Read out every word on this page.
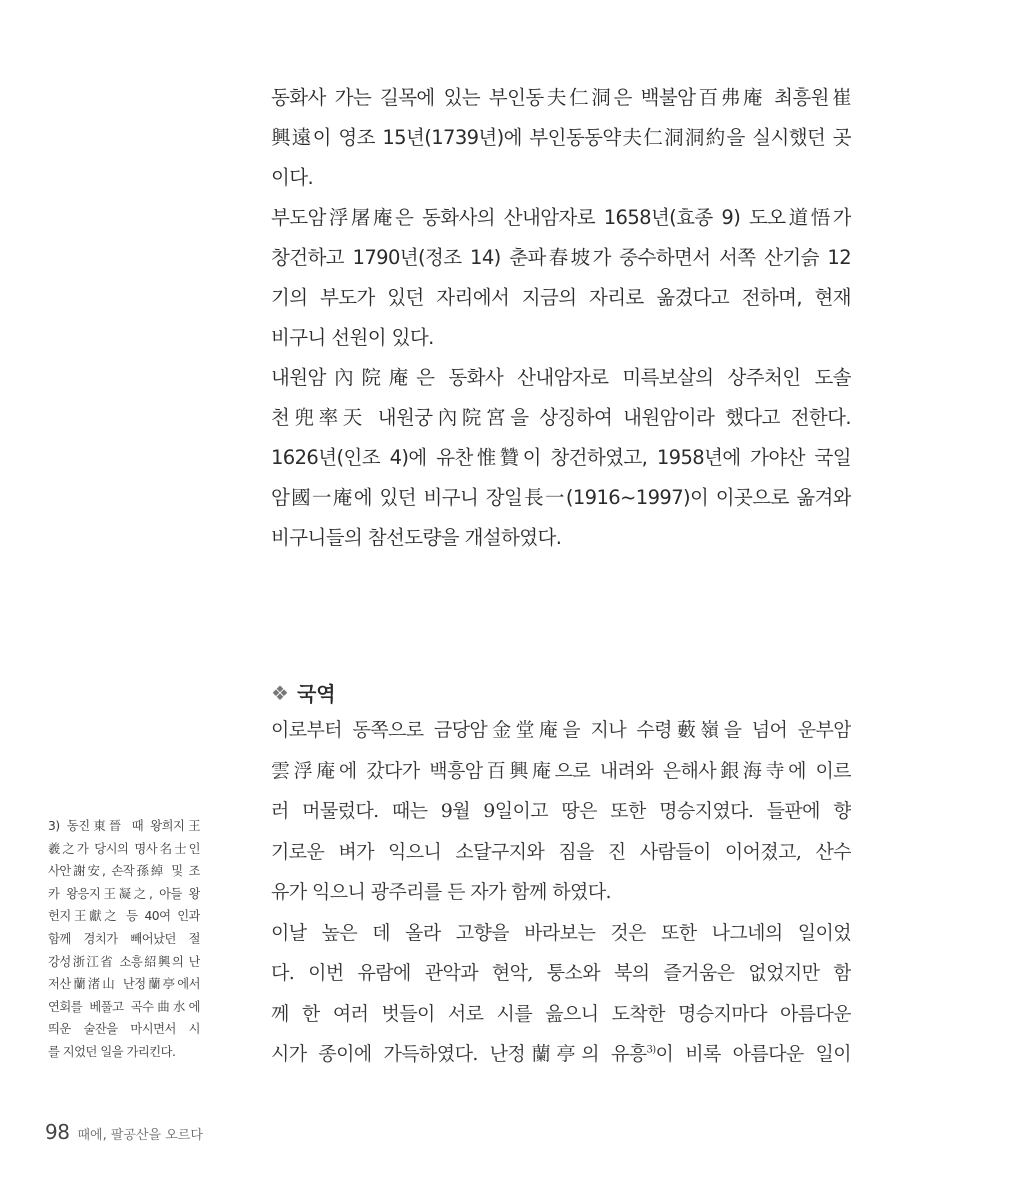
동화사 가는 길목에 있는 부인동夫仁洞은 백불암百弗庵 최흥원崔
興遠이 영조 15년(1739년)에 부인동동약夫仁洞洞約을 실시했던 곳
이다.
부도암浮屠庵은 동화사의 산내암자로 1658년(효종 9) 도오道悟가
창건하고 1790년(정조 14) 춘파春坡가 중수하면서 서쪽 산기슭 12
기의 부도가 있던 자리에서 지금의 자리로 옮겼다고 전하며, 현재
비구니 선원이 있다.
내원암內院庵은 동화사 산내암자로 미륵보살의 상주처인 도솔
천兜率天 내원궁內院宮을 상징하여 내원암이라 했다고 전한다.
1626년(인조 4)에 유찬惟贊이 창건하였고, 1958년에 가야산 국일
암國一庵에 있던 비구니 장일長一(1916~1997)이 이곳으로 옮겨와
비구니들의 참선도량을 개설하였다.
❖ 국역
이로부터 동쪽으로 금당암金堂庵을 지나 수령藪嶺을 넘어 운부암
雲浮庵에 갔다가 백흥암百興庵으로 내려와 은해사銀海寺에 이르
러 머물렀다. 때는 9월 9일이고 땅은 또한 명승지였다. 들판에 향
기로운 벼가 익으니 소달구지와 짐을 진 사람들이 이어졌고, 산수
유가 익으니 광주리를 든 자가 함께 하였다.
이날 높은 데 올라 고향을 바라보는 것은 또한 나그네의 일이었
다. 이번 유람에 관악과 현악, 퉁소와 북의 즐거움은 없었지만 함
께 한 여러 벗들이 서로 시를 읊으니 도착한 명승지마다 아름다운
시가 종이에 가득하였다. 난정蘭亭의 유흥$^{3)}$이 비록 아름다운 일이
3) 동진東晉 때 왕희지王
羲之가 당시의 명사名士인
사안謝安, 손작孫綽 및 조
카 왕응지王凝之, 아들 왕
헌지王獻之 등 40여 인과
함께 경치가 빼어났던 절
강성浙江省 소흥紹興의 난
저산蘭渚山 난정蘭亭에서
연회를 베풀고 곡수曲水에
띄운 술잔을 마시면서 시
를 지었던 일을 가리킨다.
98 때에, 팔공산을 오르다
